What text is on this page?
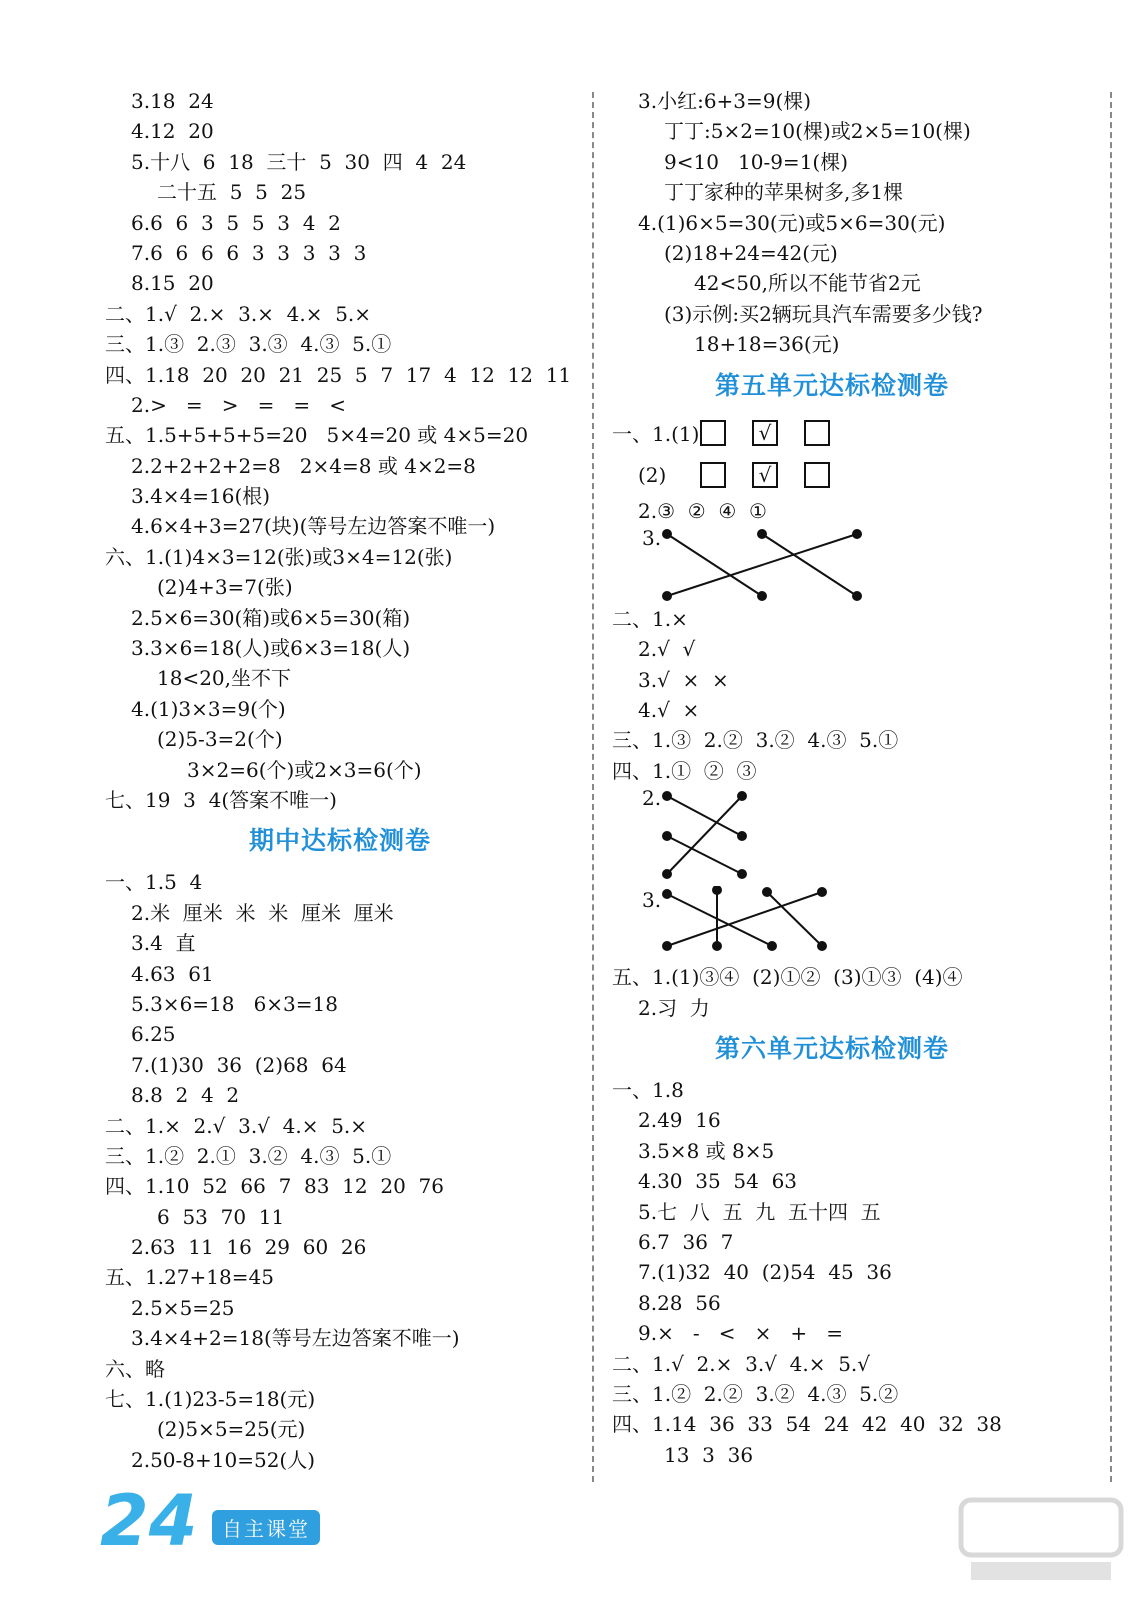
3.18  24
4.12  20
5.十八  6  18  三十  5  30  四  4  24
二十五  5  5  25
6.6  6  3  5  5  3  4  2
7.6  6  6  6  3  3  3  3  3
8.15  20
二、1.√  2.×  3.×  4.×  5.×
三、1.③  2.③  3.③  4.③  5.①
四、1.18  20  20  21  25  5  7  17  4  12  12  11
2.>   =   >   =   =   <
五、1.5+5+5+5=20   5×4=20 或 4×5=20
2.2+2+2+2=8   2×4=8 或 4×2=8
3.4×4=16(根)
4.6×4+3=27(块)(等号左边答案不唯一)
六、1.(1)4×3=12(张)或3×4=12(张)
(2)4+3=7(张)
2.5×6=30(箱)或6×5=30(箱)
3.3×6=18(人)或6×3=18(人)
18<20,坐不下
4.(1)3×3=9(个)
(2)5-3=2(个)
3×2=6(个)或2×3=6(个)
七、19  3  4(答案不唯一)
期中达标检测卷
一、1.5  4
2.米  厘米  米  米  厘米  厘米
3.4  直
4.63  61
5.3×6=18   6×3=18
6.25
7.(1)30  36  (2)68  64
8.8  2  4  2
二、1.×  2.√  3.√  4.×  5.×
三、1.②  2.①  3.②  4.③  5.①
四、1.10  52  66  7  83  12  20  76
6  53  70  11
2.63  11  16  29  60  26
五、1.27+18=45
2.5×5=25
3.4×4+2=18(等号左边答案不唯一)
六、略
七、1.(1)23-5=18(元)
(2)5×5=25(元)
2.50-8+10=52(人)
3.小红:6+3=9(棵)
丁丁:5×2=10(棵)或2×5=10(棵)
9<10   10-9=1(棵)
丁丁家种的苹果树多,多1棵
4.(1)6×5=30(元)或5×6=30(元)
(2)18+24=42(元)
42<50,所以不能节省2元
(3)示例:买2辆玩具汽车需要多少钱?
18+18=36(元)
第五单元达标检测卷
一、1.(1)	√
(2)	√
2.③  ②  ④  ①
3.
二、1.×
2.√  √
3.√  ×  ×
4.√  ×
三、1.③  2.②  3.②  4.③  5.①
四、1.①  ②  ③
2.
3.
五、1.(1)③④  (2)①②  (3)①③  (4)④
2.习  力
第六单元达标检测卷
一、1.8
2.49  16
3.5×8 或 8×5
4.30  35  54  63
5.七  八  五  九  五十四  五
6.7  36  7
7.(1)32  40  (2)54  45  36
8.28  56
9.×   -   <   ×   +   =
二、1.√  2.×  3.√  4.×  5.√
三、1.②  2.②  3.②  4.③  5.②
四、1.14  36  33  54  24  42  40  32  38
13  3  36
24	自主课堂
